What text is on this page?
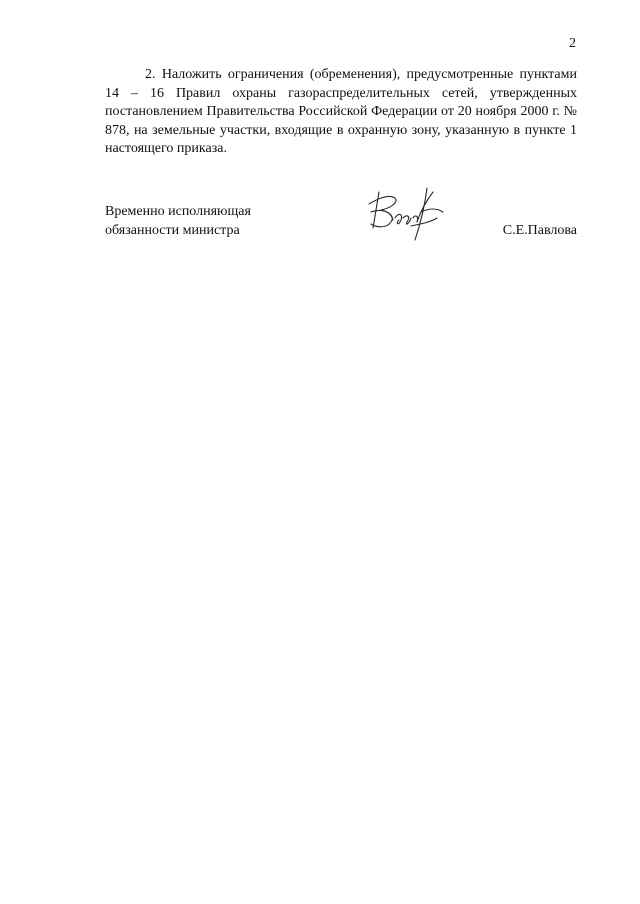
2

2. Наложить ограничения (обременения), предусмотренные пунктами 14 – 16 Правил охраны газораспределительных сетей, утвержденных постановлением Правительства Российской Федерации от 20 ноября 2000 г. № 878, на земельные участки, входящие в охранную зону, указанную в пункте 1 настоящего приказа.

Временно исполняющая
обязанности министра	С.Е.Павлова
